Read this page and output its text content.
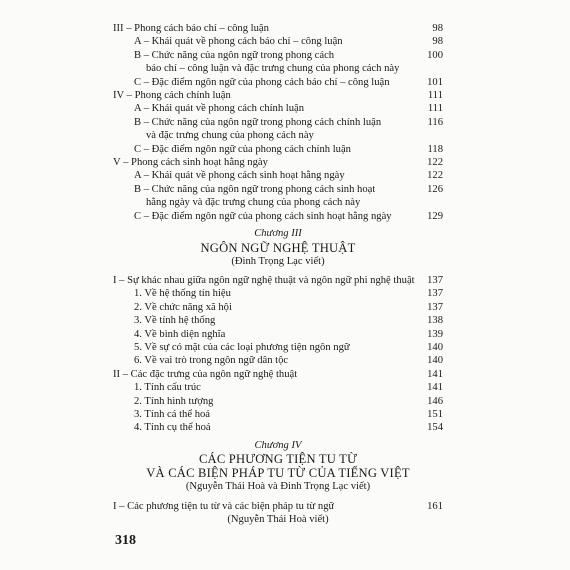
III – Phong cách báo chí – công luận	98
A – Khái quát về phong cách báo chí – công luận	98
B – Chức năng của ngôn ngữ trong phong cách	100
báo chí – công luận và đặc trưng chung của phong cách này
C – Đặc điểm ngôn ngữ của phong cách báo chí – công luận	101
IV – Phong cách chính luận	111
A – Khái quát về phong cách chính luận	111
B – Chức năng của ngôn ngữ trong phong cách chính luận	116
và đặc trưng chung của phong cách này
C – Đặc điểm ngôn ngữ của phong cách chính luận	118
V – Phong cách sinh hoạt hằng ngày	122
A – Khái quát về phong cách sinh hoạt hằng ngày	122
B – Chức năng của ngôn ngữ trong phong cách sinh hoạt	126
hằng ngày và đặc trưng chung của phong cách này
C – Đặc điểm ngôn ngữ của phong cách sinh hoạt hằng ngày	129
Chương III
NGÔN NGỮ NGHỆ THUẬT
(Đinh Trọng Lạc viết)
I – Sự khác nhau giữa ngôn ngữ nghệ thuật và ngôn ngữ phi nghệ thuật	137
1. Về hệ thống tín hiệu	137
2. Về chức năng xã hội	137
3. Về tính hệ thống	138
4. Về bình diện nghĩa	139
5. Về sự có mặt của các loại phương tiện ngôn ngữ	140
6. Về vai trò trong ngôn ngữ dân tộc	140
II – Các đặc trưng của ngôn ngữ nghệ thuật	141
1. Tính cấu trúc	141
2. Tính hình tượng	146
3. Tính cá thể hoá	151
4. Tính cụ thể hoá	154
Chương IV
CÁC PHƯƠNG TIỆN TU TỪ
VÀ CÁC BIỆN PHÁP TU TỪ CỦA TIẾNG VIỆT
(Nguyễn Thái Hoà và Đinh Trọng Lạc viết)
I – Các phương tiện tu từ và các biện pháp tu từ ngữ	161
(Nguyễn Thái Hoà viết)
318
